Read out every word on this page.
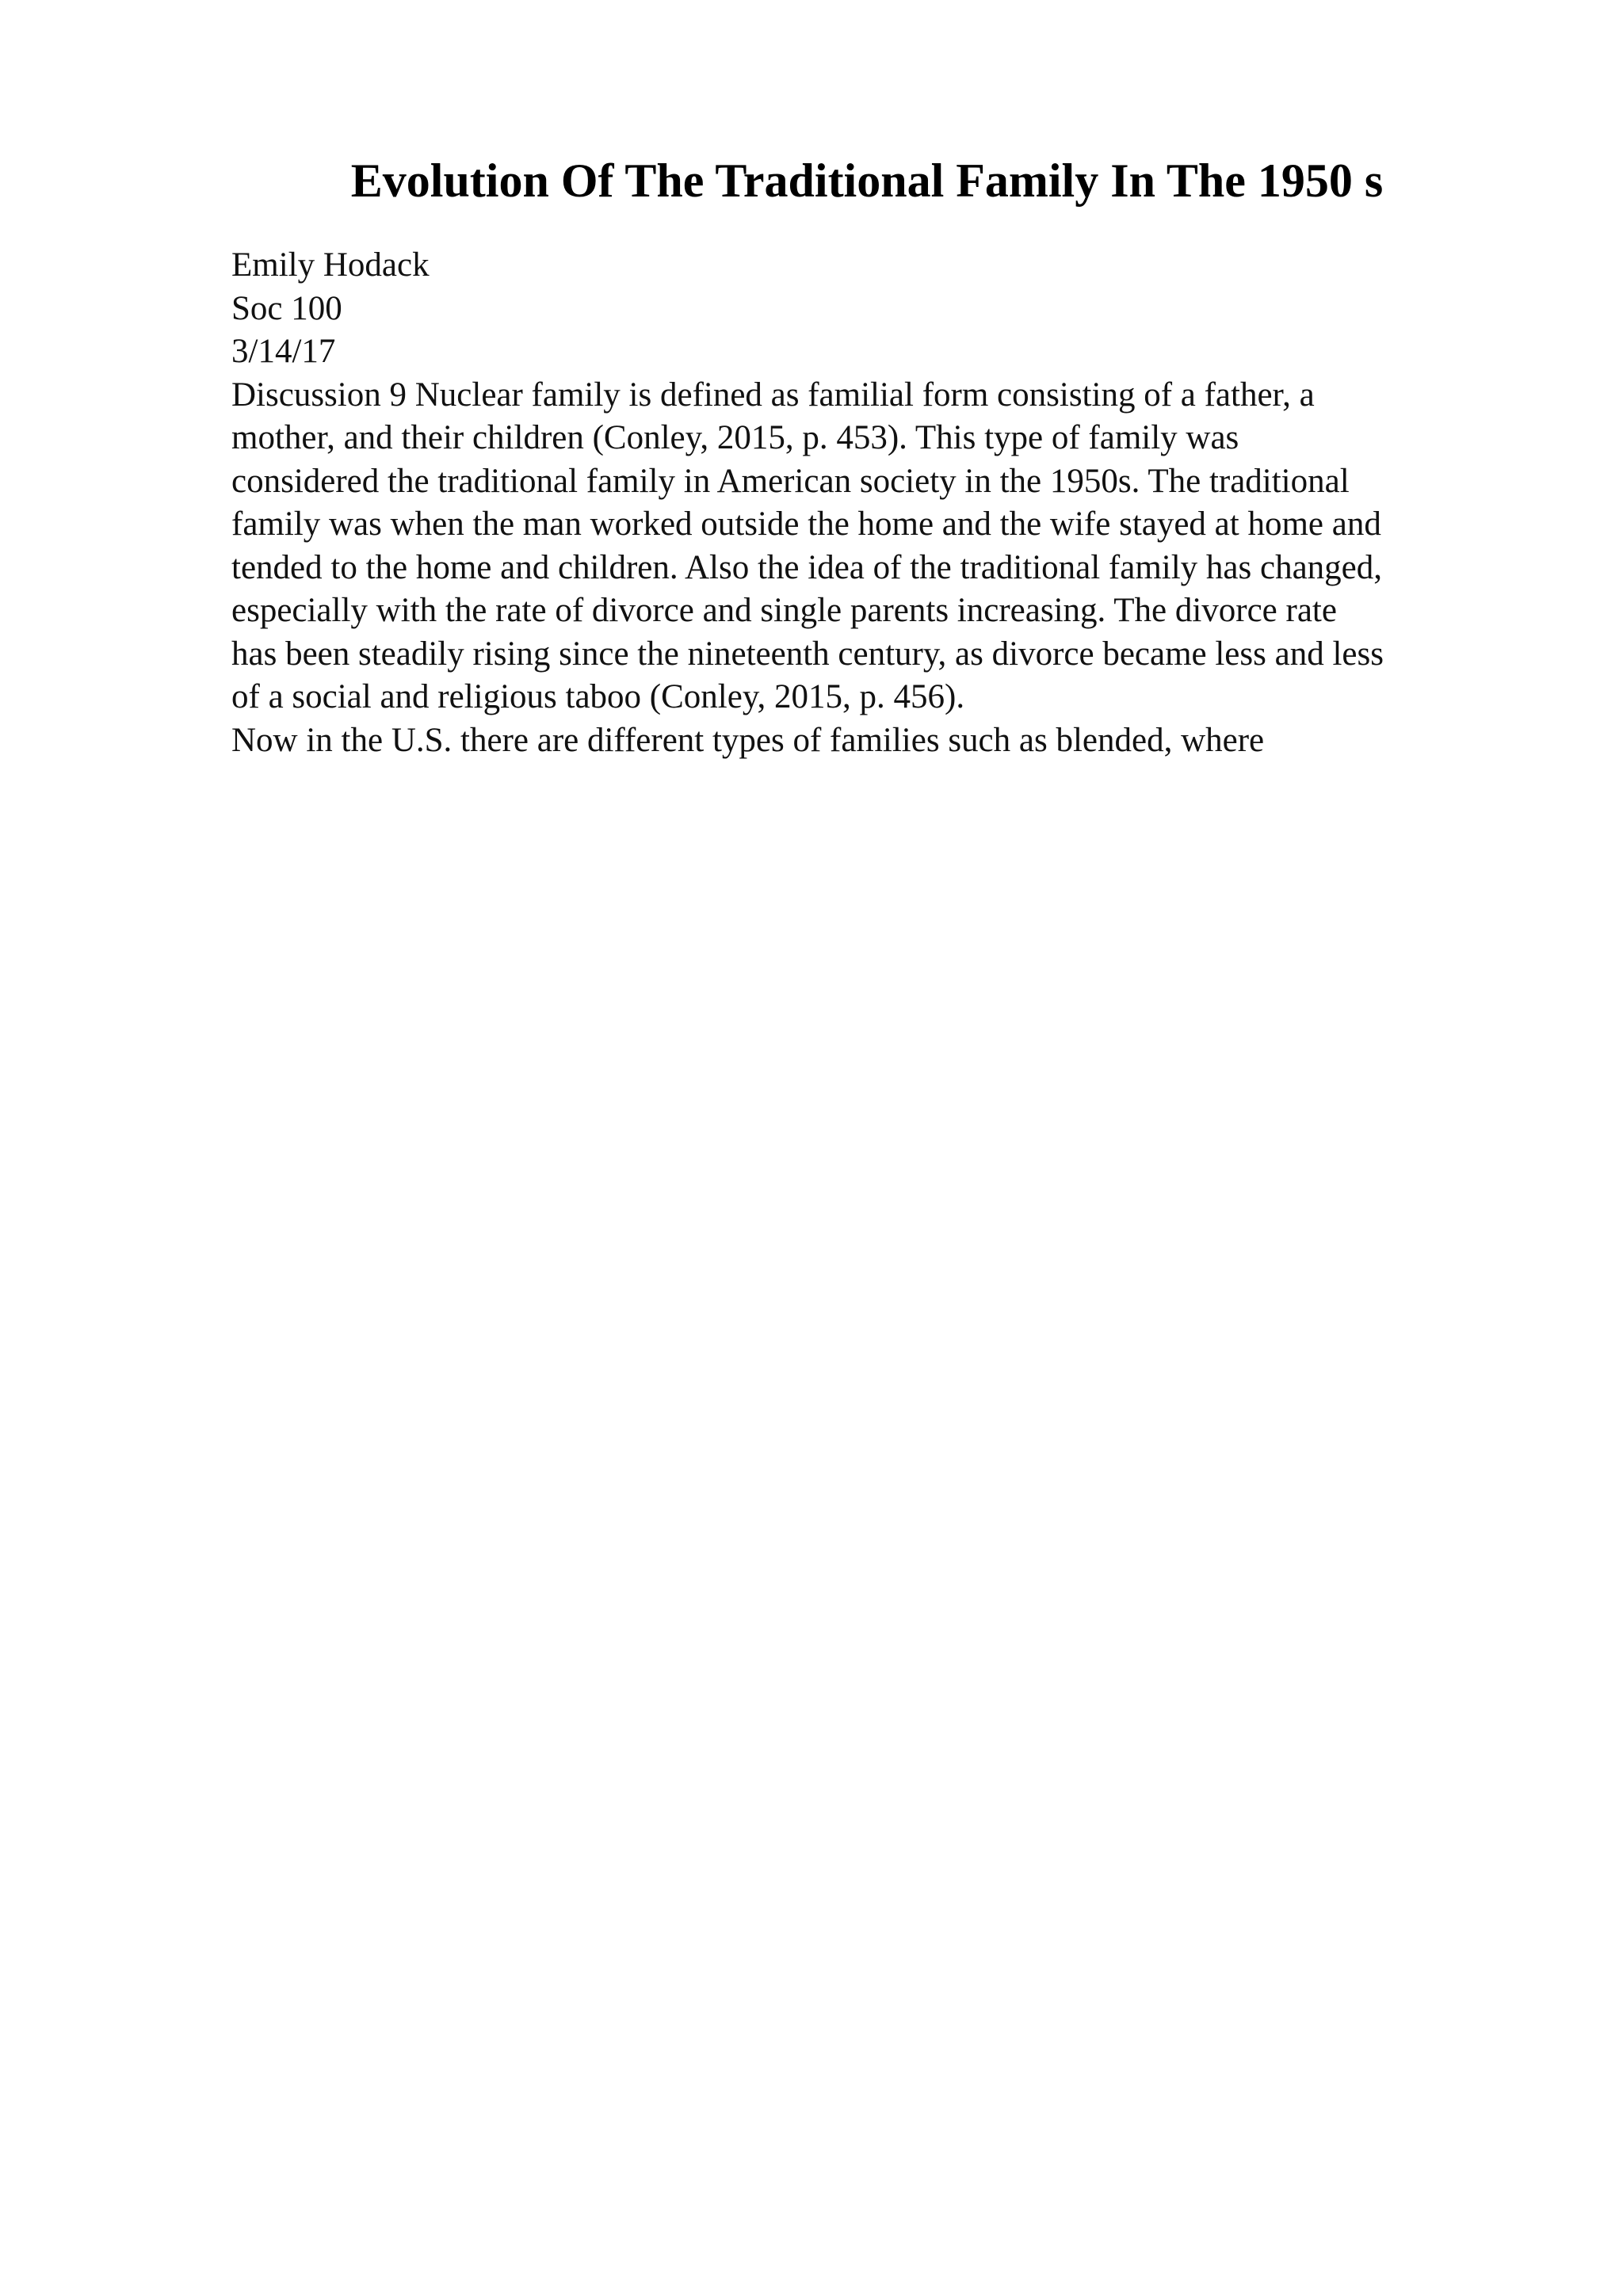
Evolution Of The Traditional Family In The 1950 s
Emily Hodack
Soc 100
3/14/17
Discussion 9 Nuclear family is defined as familial form consisting of a father, a
mother, and their children (Conley, 2015, p. 453). This type of family was
considered the traditional family in American society in the 1950s. The traditional
family was when the man worked outside the home and the wife stayed at home and
tended to the home and children. Also the idea of the traditional family has changed,
especially with the rate of divorce and single parents increasing. The divorce rate
has been steadily rising since the nineteenth century, as divorce became less and less
of a social and religious taboo (Conley, 2015, p. 456).
Now in the U.S. there are different types of families such as blended, where
